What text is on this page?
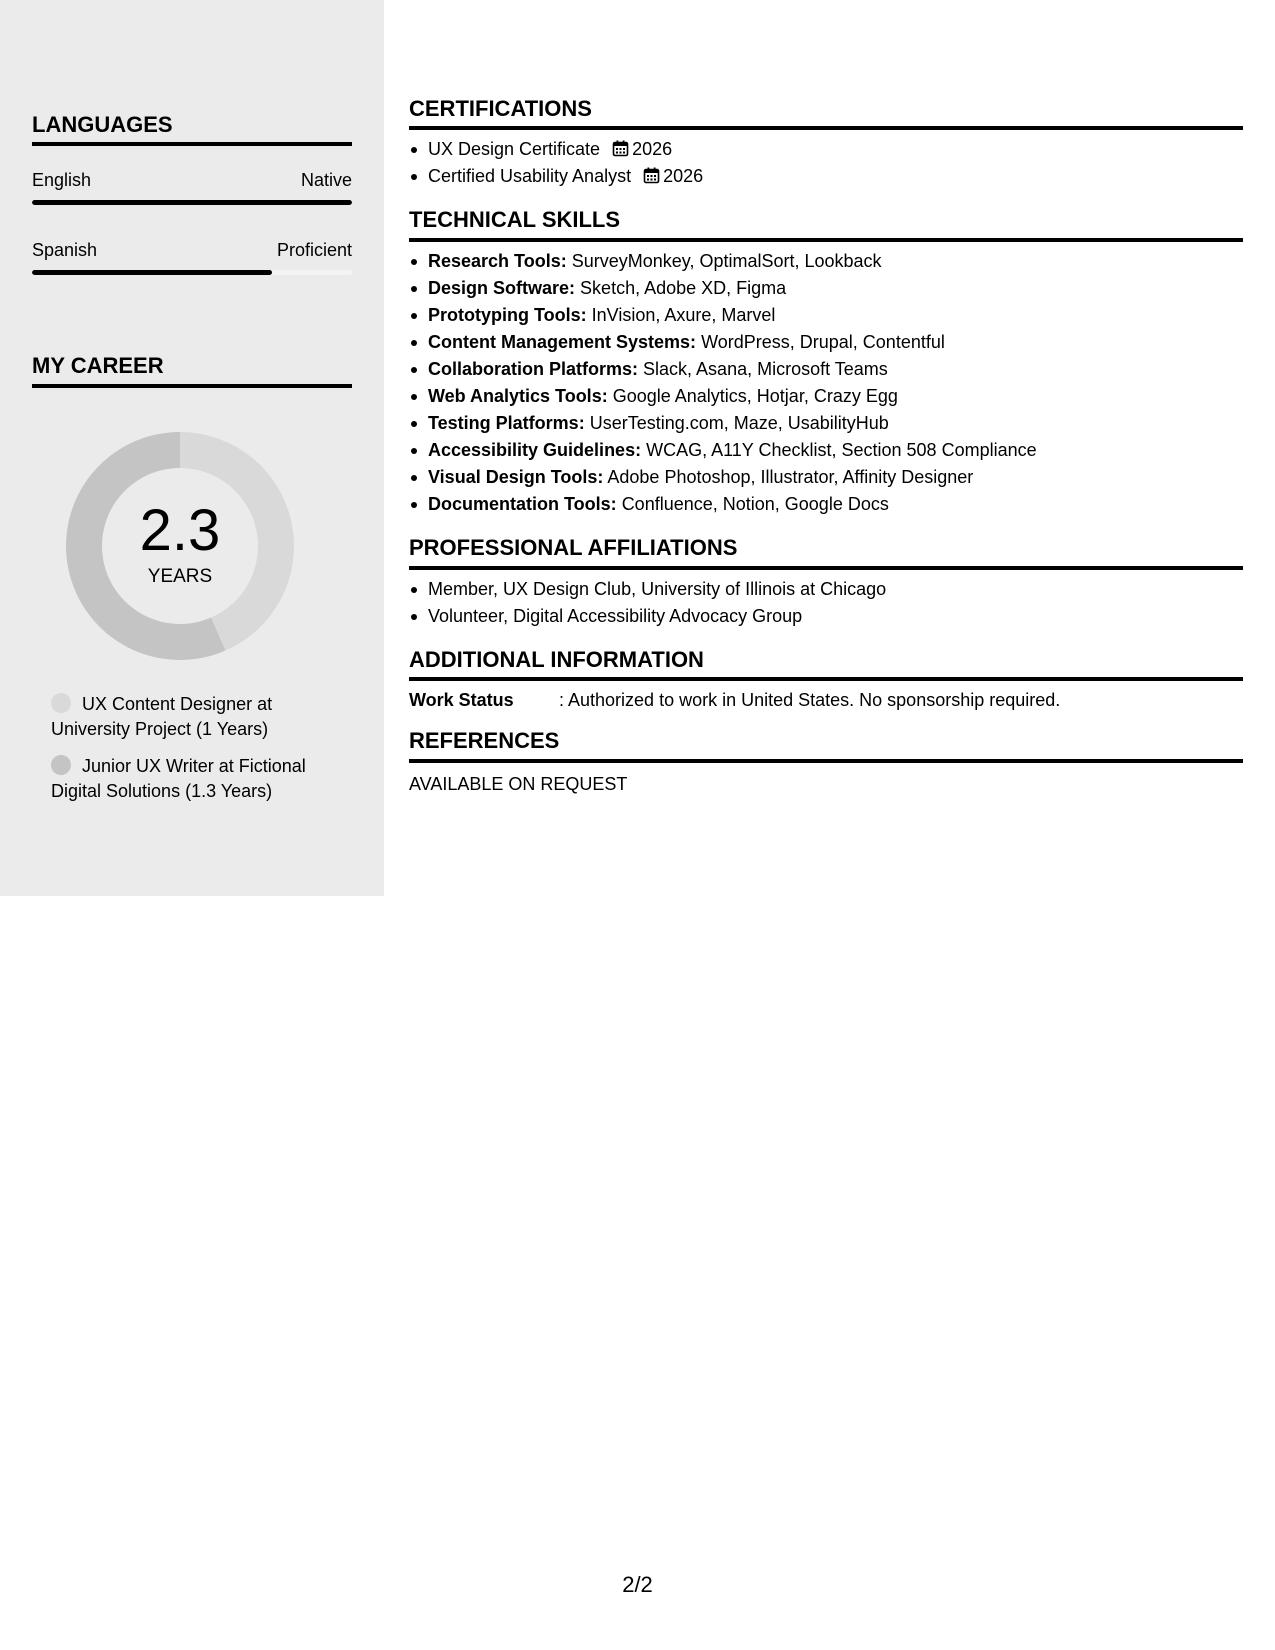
LANGUAGES
English	Native
Spanish	Proficient
MY CAREER
2.3
YEARS
UX Content Designer at University Project (1 Years)
Junior UX Writer at Fictional Digital Solutions (1.3 Years)
CERTIFICATIONS
UX Design Certificate 2026
Certified Usability Analyst 2026
TECHNICAL SKILLS
Research Tools: SurveyMonkey, OptimalSort, Lookback
Design Software: Sketch, Adobe XD, Figma
Prototyping Tools: InVision, Axure, Marvel
Content Management Systems: WordPress, Drupal, Contentful
Collaboration Platforms: Slack, Asana, Microsoft Teams
Web Analytics Tools: Google Analytics, Hotjar, Crazy Egg
Testing Platforms: UserTesting.com, Maze, UsabilityHub
Accessibility Guidelines: WCAG, A11Y Checklist, Section 508 Compliance
Visual Design Tools: Adobe Photoshop, Illustrator, Affinity Designer
Documentation Tools: Confluence, Notion, Google Docs
PROFESSIONAL AFFILIATIONS
Member, UX Design Club, University of Illinois at Chicago
Volunteer, Digital Accessibility Advocacy Group
ADDITIONAL INFORMATION
Work Status	: Authorized to work in United States. No sponsorship required.
REFERENCES
AVAILABLE ON REQUEST
2/2
